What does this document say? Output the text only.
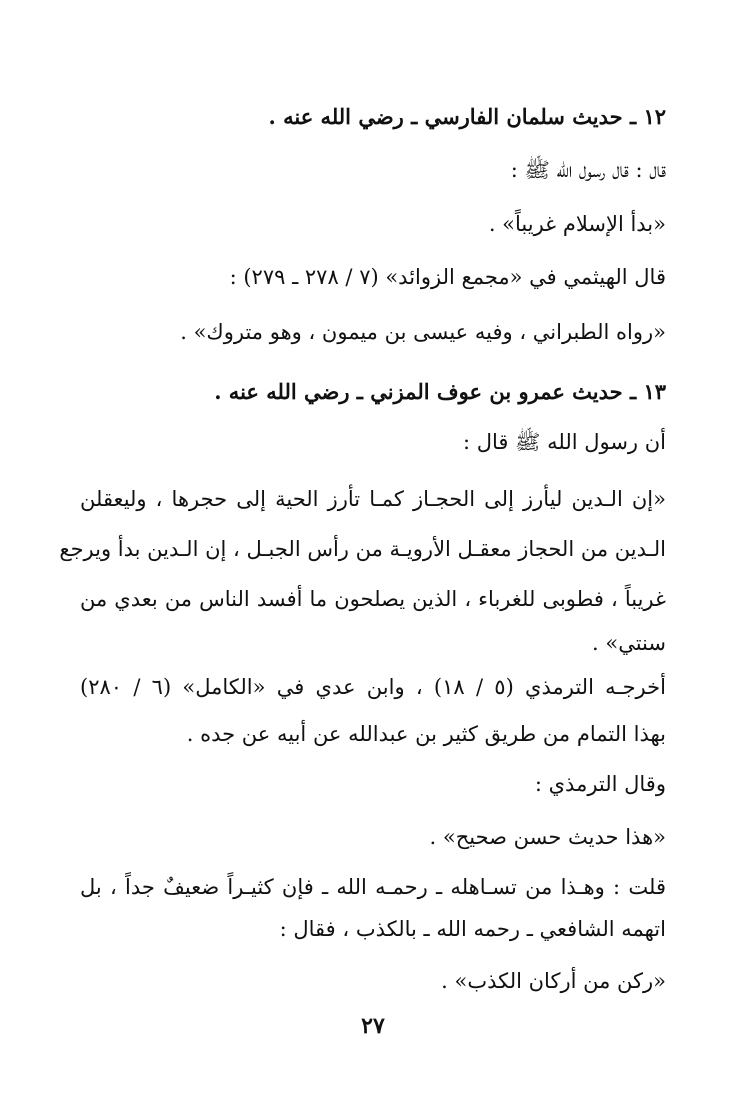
١٢ ـ حديث سلمان الفارسي ـ رضي الله عنه .
قال : قال رسول الله ﷺ :
«بدأ الإسلام غريباً» .
قال الهيثمي في «مجمع الزوائد» (٧ / ٢٧٨ ـ ٢٧٩) :
«رواه الطبراني ، وفيه عيسى بن ميمون ، وهو متروك» .
١٣ ـ حديث عمرو بن عوف المزني ـ رضي الله عنه .
أن رسول الله ﷺ قال :
«إن الـدين ليأرز إلى الحجـاز كمـا تأرز الحية إلى حجرها ، وليعقلن
الـدين من الحجاز معقـل الأرويـة من رأس الجبـل ، إن الـدين بدأ ويرجع
غريباً ، فطوبى للغرباء ، الذين يصلحون ما أفسد الناس من بعدي من
سنتي» .
أخرجـه الترمذي (٥ / ١٨) ، وابن عدي في «الكامل» (٦ / ٢٨٠)
بهذا التمام من طريق كثير بن عبدالله عن أبيه عن جده .
وقال الترمذي :
«هذا حديث حسن صحيح» .
قلت : وهـذا من تسـاهله ـ رحمـه الله ـ فإن كثيـراً ضعيفٌ جداً ، بل
اتهمه الشافعي ـ رحمه الله ـ بالكذب ، فقال :
«ركن من أركان الكذب» .
٢٧
